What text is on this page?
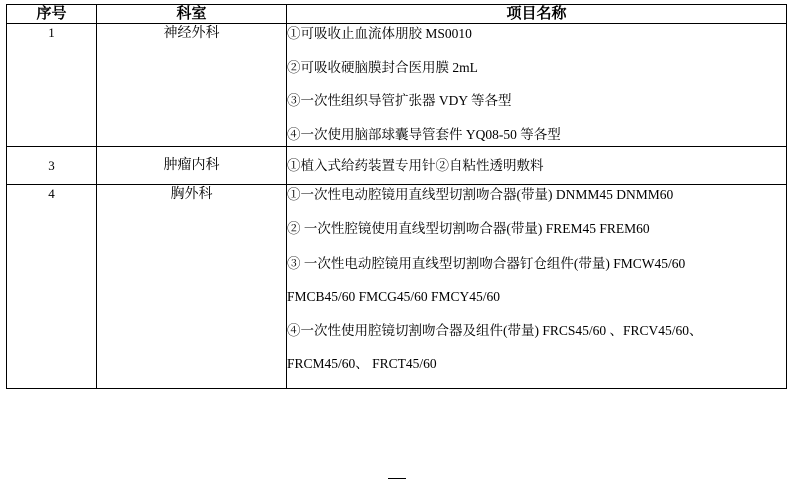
序号	科室	项目名称
1	神经外科	①可吸收止血流体朋胶 MS0010
②可吸收硬脑膜封合医用膜 2mL
③一次性组织导管扩张器 VDY 等各型
④一次使用脑部球囊导管套件 YQ08-50 等各型

3	肿瘤内科	①植入式给药装置专用针②自粘性透明敷料

4	胸外科	①一次性电动腔镜用直线型切割吻合器(带量) DNMM45 DNMM60
② 一次性腔镜使用直线型切割吻合器(带量) FREM45 FREM60
③ 一次性电动腔镜用直线型切割吻合器钉仓组件(带量) FMCW45/60
FMCB45/60 FMCG45/60 FMCY45/60
④一次性使用腔镜切割吻合器及组件(带量) FRCS45/60 、FRCV45/60、
FRCM45/60、 FRCT45/60
